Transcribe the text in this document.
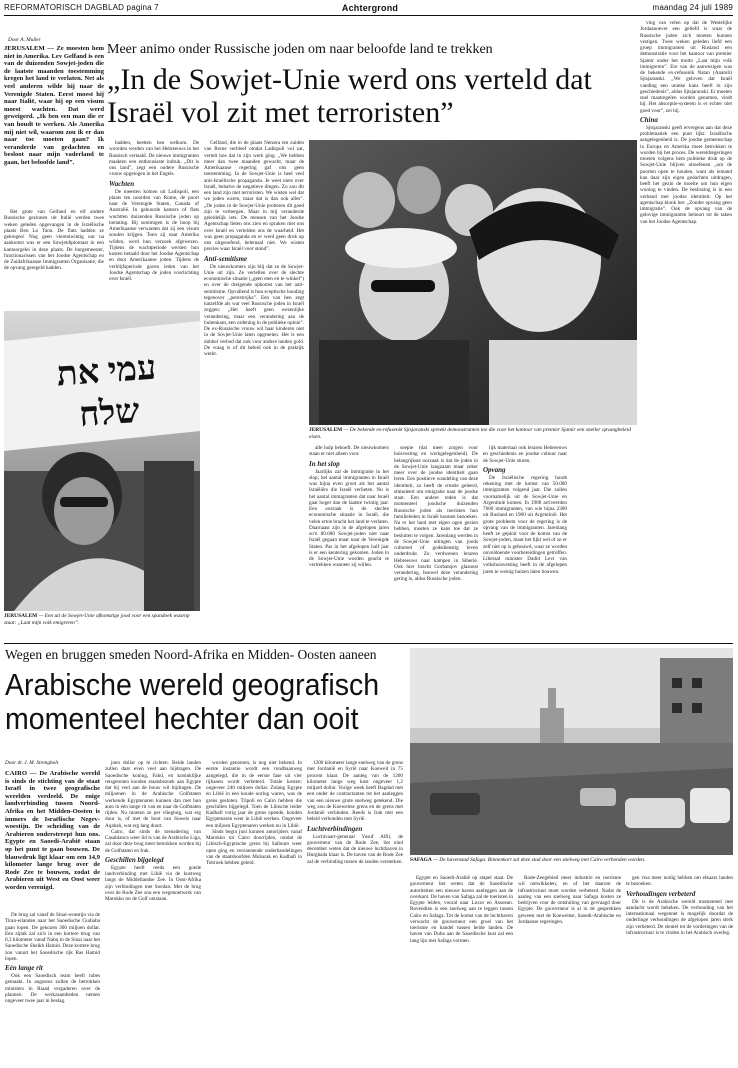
REFORMATORISCH DAGBLAD pagina 7	Achtergrond	maandag 24 juli 1989
Door A. Muller
Meer animo onder Russische joden om naar beloofde land te trekken
„In de Sowjet-Unie werd ons verteld dat Israël vol zit met terroristen”
JERUSALEM — Ze moesten hem niet in Amerika. Lev Gelfand is een van de duizenden Sowjet-joden die de laatste maanden toestemming kregen het land te verlaten. Net als veel anderen wilde hij naar de Verenigde Staten. Eerst moest hij naar Italië, waar hij op een visum moest wachten. Dat werd geweigerd. „Ik ben een man die er van houdt te werken. Als Amerika mij niet wil, waarom zou ik er dan naar toe moeten gaan? Ik veranderde van gedachten en besloot naar mijn vaderland te gaan, het beloofde land”.

Het grote van Gelfand en elf andere Russische gezinnen uit Italië werden twee weken geleden opgevangen in de Israëlische plaats Ben Lo Taon. De flats hadden ze gekregen! Nog geen vierentwintig uur na aankomst was er een Sowjetdiplomaat in een kantoorgelei in deze plaats. De burgemeester, functionarissen van het Joodse Agentschap en de Zuidafrikaanse Immigranten Organisatie, die de opvang geregeld hadden.

hadden, heetten ben welkom. De woorden werden van het Hebreeuws in het Russisch vertaald. De nieuwe immigranten maakten een enthousiaste indruk. „Dit is ons land”, zegt een oudere Russische vrouw opgetogen in het Engels.

Wachten

De meesten komen uit Ladispoli, een plaats ten noorden van Rome, de poort naar de Verenigde Staten, Canada of Australië. In gehuurde kamers of flats wachtten duizenden Russische joden op toelating. Bij sommigen is de hoop bij Amerikaanse verwanten dat zij een visum zouden krijgen. Toen zij naar Amerika wilden, werd hun verzoek afgewezen. Tijdens de wachtperiode werden hun kosten betaald door het Joodse Agentschap en door Amerikaanse joden. Tijdens de verblijfsperiode gaven leden van het Joodse Agentschap de joden voorlichting over Israël.

Gelfand, die in de plaats Netzera ten zuiden van Rome verbleef omdat Ladispoli vol zat, vertelt hoe dat in zijn werk ging. „We hebben meer dan twee maanden gewacht, maar de Amerikaanse regering gaf ons geen toestemming. In de Sowjet-Unie is heel veel anti-Israëlische propaganda. Je weet niets over Israël, behalve de negatieve dingen. Zo zou dit een land zijn met terroristen. We wisten wel dat we joden waren, maar dat is dan ook alles”. „De joden in de Sowjet-Unie proberen dit goed zijn te verbergen. Maar in mij veranderde geleidelijk iets. De mensen van het Joodse Agentschap lieten ons zien en spraken met ons over Israël en vertelden ons de waarheid. Het was geen propaganda en er werd geen druk op ons uitgeoefend, helemaal niet. We wisten precies waar Israël voor stond”.

Anti-semitisme

De nieuwkomers zijn blij dat ze de Sowjet-Unie uit zijn. Ze vertellen over de slechte economische situatie („geen eten en te winkel”) en over de dreigende opkomst van het anti-semitisme. Opvallend is hun sceptische houding tegenover „perestrojka”. Een van hen zegt hatzelfde als wat veel Russische joden in Israël zeggen: „Het heeft geen wezenlijke verandering, maar een verandering aan de buitenkant, een ordening in de publieke opinie”. De ex-Russische vrouw wil haar kinderen niet in de Sovjet-Unie laten opgroeien. Het is een dubbel verbod dat ook voor andere landen gold. De vraag is of dit beleid ook in de praktijk werkt.

עמי את שלח
JERUSALEM — Een uit de Sowjet-Unie afkomstige jood voor een spandoek waarop staat: „Laat mijn volk emigreren”.
JERUSALEM — De bekende ex-refusenik Sjtsjaranski spreekt demonstranten toe die voor het kantoor van premier Sjamir een sneller opvangbeleid eisen.

alle hulp behoeft. De nieuwkomers staan er niet alleen voor.

In het slop

Jaarlijks zal de immigratie in het slop; het aantal immigranten in Israël was bijna even groot als het aantal Israëliërs die Israël verlieten. Nu is het aantal immigranten dat naar Israël gaat hoger dan de laatste twintig jaar. Een oorzaak is de slechte economische situatie in Israël, die velen ertoe bracht het land te verlaten. Daarnaast zijn in de afgelopen jaren zo'n 80.000 Sowjet-joden niet naar Israël gegaan maar naar de Verenigde Staten. Pas in het afgelopen half jaar is er een kentering gekomen. Joden in de Sowjet-Unie worden geacht te vertrekken wanneer zij willen.

soepie (dat meer zorgen voor huisvesting en werkgelegenheid). De belangrijkste oorzaak is dat de joden in de Sowjet-Unie langzaam maar zeker meer over de joodse identiteit gaan leren. Een positieve wandeling van deze identiteit, zo heeft de creatie geleerd, stimuleert om emigratie naar de joodse staat. Een andere reden is dat momenteel joodsche duizenden Russische joden als toeristen hun familieleden in Israël kunnen bezoeken. Na er het land met eigen ogen gezien hebben, moeten ze kans toe dat ze besluiten te volgen. Jarenlang werden in de Sowjet-Unie uitingen van joods cultureel of godsdienstig leven onderdrukt. Zo verdwenen leraren Hebreeuws naar kampen in Siberië. Ook hier bracht Gorbatsjov glasnost verandering, hoewel deze verandering gering is, aldus Russische joden.

lijk materiaal ook leraren Hebreeuws en geschiedenis en joodse cultuur naar de Sowjet-Unie sturen.

Opvang

De Israëlische regering houdt rekening met de komst van 50.000 immigranten volgend jaar. Die zullen voornamelijk uit de Sowjet-Unie en Argentinië komen. In 1988 arriveerden 7600 immigranten, van wie bijna 2300 uit Rusland en 1900 uit Argentinië. Het grote probleem voor de regering is de opvang van de immigranten. Jarenlang heeft ze geploit voor de komst van de Sowjet-joden, maar het lijkt wel of ze er zelf niet op is gebouwd, waar ze worden onvoldoende voorbereidingen getroffen. Liberaal minister Dadid Levi van volkshuisvesting heeft in de afgelopen jaren te weinig huizen laten bouwen.

ving van velen op dat de Westelijke Jordaanoever een geliefd is waar de Russische joden zich moeten kunnen vestigen. Twee weken geleden liefd een groep immigranten uit Rusland een demonstratie voor het kantoor van premier Sjamir onder het motto „Laat mijn volk immigreren”. Ere van de aanwezigen was de bekende ex-refusenik Natan (Anatoli) Sjtsjaranski. „We geloven dat Israël vanding een unieke kans heeft in zijn geschiedenis”, aldus Sjtsjaranski. Er moeten snel maatregelen worden genomen, vindt hij. Het absorptie-systeem is er echter niet goed voor”, zei hij.

China

Sjtsjaranski geeft ervergens aan dat deze problematiek een punt lijkt: Israëlische aangelegenheid is. De joodse gemeenschap in Europa en Amerika moet betrokken te worden bij het proces. De wereldregeringen moeten volgens hem politieke druk op de Sowjet-Unie blijven uitoefenen „om de poorten open te houden, want als iemand kan daar zijn eigen gedachten uitdragen, heeft het gezin de moeite om hun eigen woning te vinden. De beslissing is in een verband met joodse identiteit. Op het agentschap klonk het: „Zonder opvang geen immigratie”. Ook de opvang van de gelovige immigranten behoort tot de taken van het Joodse Agentschap.

Wegen en bruggen smeden Noord-Afrika en Midden- Oosten aaneen
Arabische wereld geografisch momenteel hechter dan ooit
Door dr. J. M. Strengholt
CAIRO — De Arabische wereld is sinds de stichting van de staat Israël in twee geografische werelden verdeeld. De enige landverbinding tussen Noord-Afrika en het Midden-Oosten is immers de Israëlische Negev-woestijn. De scheiding van de Arabieren onderstreept hun ons. Egypte en Saoedi-Arabië staan op het punt te gaan bouwen. De blauwdruk ligt klaar om een 14,9 kilometer lange brug over de Rode Zee te bouwen, zodat de Arabieren uit West en Oost weer worden verenigd.

De brug zal vanaf de Sinai-woestijn via de Tiran-eilanden naar het Saoedische Gudiaba gaan lopen. De gekozen 300 miljoen dollar. Een zijtak zal zich in een kortere brug van 0,3 kilometer vanaf Nabq in de Sinai naar het Saoedische Sheikh Hamid. Deze kortere brug zou vanuit het Saoedische rijk Ras Hamid lopen.

Eén lange rit

Ook een Saoedisch team heeft tubes gemaakt. In augustus zullen de betrokken ministers in Riaad vergaderen over de plannen. De werkzaamheden nemen ongeveer twee jaar in beslag.

joen dollar op te richten. Beide landen zullen daar even veel aan bijdragen. De Saoedische koning, Fahd, en koninklijke reisgenoten konden staatsbezoek aan Egypte dat hij veel aan de bouw wil bijdragen. De miljoenen in de Arabische Golfstaten werkende Egyptenaren kunnen dan met hun auto in één lange rit van en naar de Golfstaten rijden. Nu moeten ze per vliegtuig, wat erg duur is, of met de boot van Suweis naar Aqabah, wat erg lang duurt.

Cairo, dat sinds de toenadering van Casablanca weer lid is van de Arabische Liga, zal door deze brug meer betrokken worden bij de Golfstaten en Irak.

Geschillen bijgelegd

Egypte heeft reeds een goede landverbinding met Libië via de kustweg langs de Middellandse Zee. In Oost-Afrika zijn verbindingen met Soedan. Met de brug over de Rode Zee zou een wegennetwerk van Marokko tot de Golf ontstaan.

worden genomen, is nog niet bekend. In eerste instantie wordt een rondbaanweg aangelegd, die in de eerste fase uit vier rijbanen wordt verbeterd. Totale kosten: ongeveer 240 miljoen dollar. Zolang Egypte en Libië in een koude oorlog waren, was de grens gesloten. Tripoli en Caïro hebben die geschillen bijgelegd. Toen de Libische leider Kadhafi vorig jaar de grens opende, konden Egyptenaren weer in Libië werken. Ongeveer een miljoen Egyptenaren werken nu in Libië.

Sinds begin juni kunnen autorijders vanaf Marokko tot Cairo doorrijden, omdat de Libisch-Egyptische grens bij Salloum weer open ging en verzoenende onderhandelingen van de staatshoofden Mubarak en Kadhafi in Tobroek hebben geleid.

1200 kilometer lange snelweg van de grens met Jordanië en Syrië naar Koeweit in 75 procent klaar. De aanleg van de 1200 kilometer lange weg kost ongeveer 1,2 miljard dollar. Vorige week heeft Bagdad met een onder de contractanten tot het aanleggen van een nieuwe grote snelweg getekend. Die weg zou de Koeweitse grens en de grens met Jordanië verbinden. Reeds is Irak met een beleid verbonden met Syrië.

Luchtverbindingen

Luchtvaart-generaal Yusuf Alfil, de gouverneur van de Rode Zee, liet eind december weten dat de nieuwe luchthaven in Hurghada klaar is. De haven van de Rode Zee zal de verbinding tussen de landen versterken. SAFAGA — De havenstad Safaga. Binnenkort zal deze stad door een snelweg met Cairo verbonden worden.

Egypte en Saoedi-Arabië op stapel staat. De gouverneur liet weten dat de Saoedische autoriteiten een nieuwe haven aanleggen aan de overkant. De haven van Safaga zal de toeristen in Egypte leiden, vooral naar Luxor en Assoean. Bovendien is een snelweg aan te leggen tussen Caïro en Safaga. Tot de komst van de luchthaven verwacht de gouverneur een groei van het toerisme en handel tussen beide landen. De haven van Duba aan de Saoedische kust zal een lang lijn met Safaga vormen.

Rode-Zeegebied meer industrie en toerisme wil ontwikkelen, en of het daarom de infrastructuur moet worden verbeterd. Nadat de aanleg van een snelweg naar Safaga kosten ze bedrijven voor de ontsluiting van gevraagd door Egypte. De gouverneur is al in de gesprekken geweest met de Koeweitse, Saoedi-Arabische en Jordaanse regeringen.

gen visa meer nodig hebben om elkaars landen te bezoeken.

Verhoudingen verbeterd

Dit is de Arabische wereld momenteel met aandacht wordt bekeken. De verhouding van het internationaal wegennet is mogelijk doordat de onderlinge verhoudingen de afgelopen jaren sterk zijn verbeterd. De sleutel tot de vorderingen van de infrastructuur is te vinden in het Arabisch overleg.
